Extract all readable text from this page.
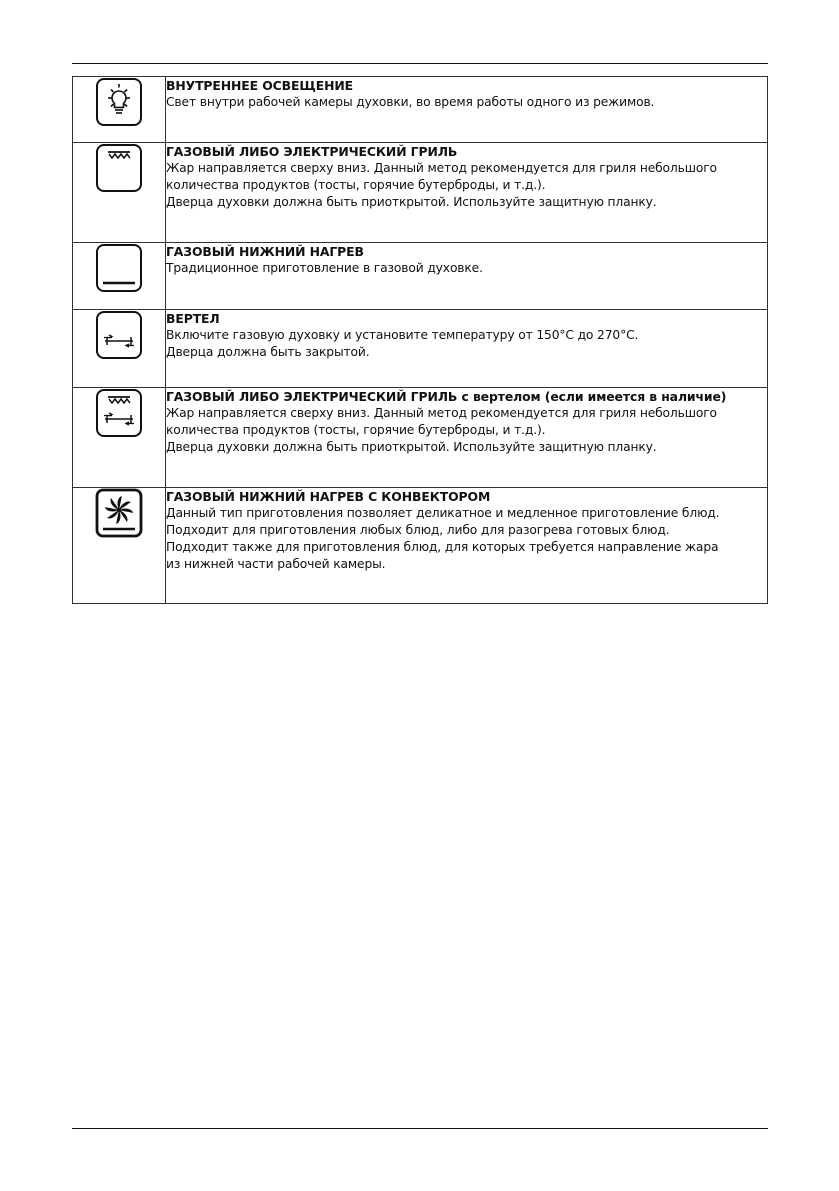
ВНУТРЕННЕЕ ОСВЕЩЕНИЕ
Свет внутри рабочей камеры духовки, во время работы одного из режимов.

ГАЗОВЫЙ ЛИБО ЭЛЕКТРИЧЕСКИЙ ГРИЛЬ
Жар направляется сверху вниз. Данный метод рекомендуется для гриля небольшого
количества продуктов (тосты, горячие бутерброды, и т.д.).
Дверца духовки должна быть приоткрытой. Используйте защитную планку.

ГАЗОВЫЙ НИЖНИЙ НАГРЕВ
Традиционное приготовление в газовой духовке.

ВЕРТЕЛ
Включите газовую духовку и установите температуру от 150°С до 270°С.
Дверца должна быть закрытой.

ГАЗОВЫЙ ЛИБО ЭЛЕКТРИЧЕСКИЙ ГРИЛЬ с вертелом (если имеется в наличие)
Жар направляется сверху вниз. Данный метод рекомендуется для гриля небольшого
количества продуктов (тосты, горячие бутерброды, и т.д.).
Дверца духовки должна быть приоткрытой. Используйте защитную планку.

ГАЗОВЫЙ НИЖНИЙ НАГРЕВ С КОНВЕКТОРОМ
Данный тип приготовления позволяет деликатное и медленное приготовление блюд.
Подходит для приготовления любых блюд, либо для разогрева готовых блюд.
Подходит также для приготовления блюд, для которых требуется направление жара
из нижней части рабочей камеры.
